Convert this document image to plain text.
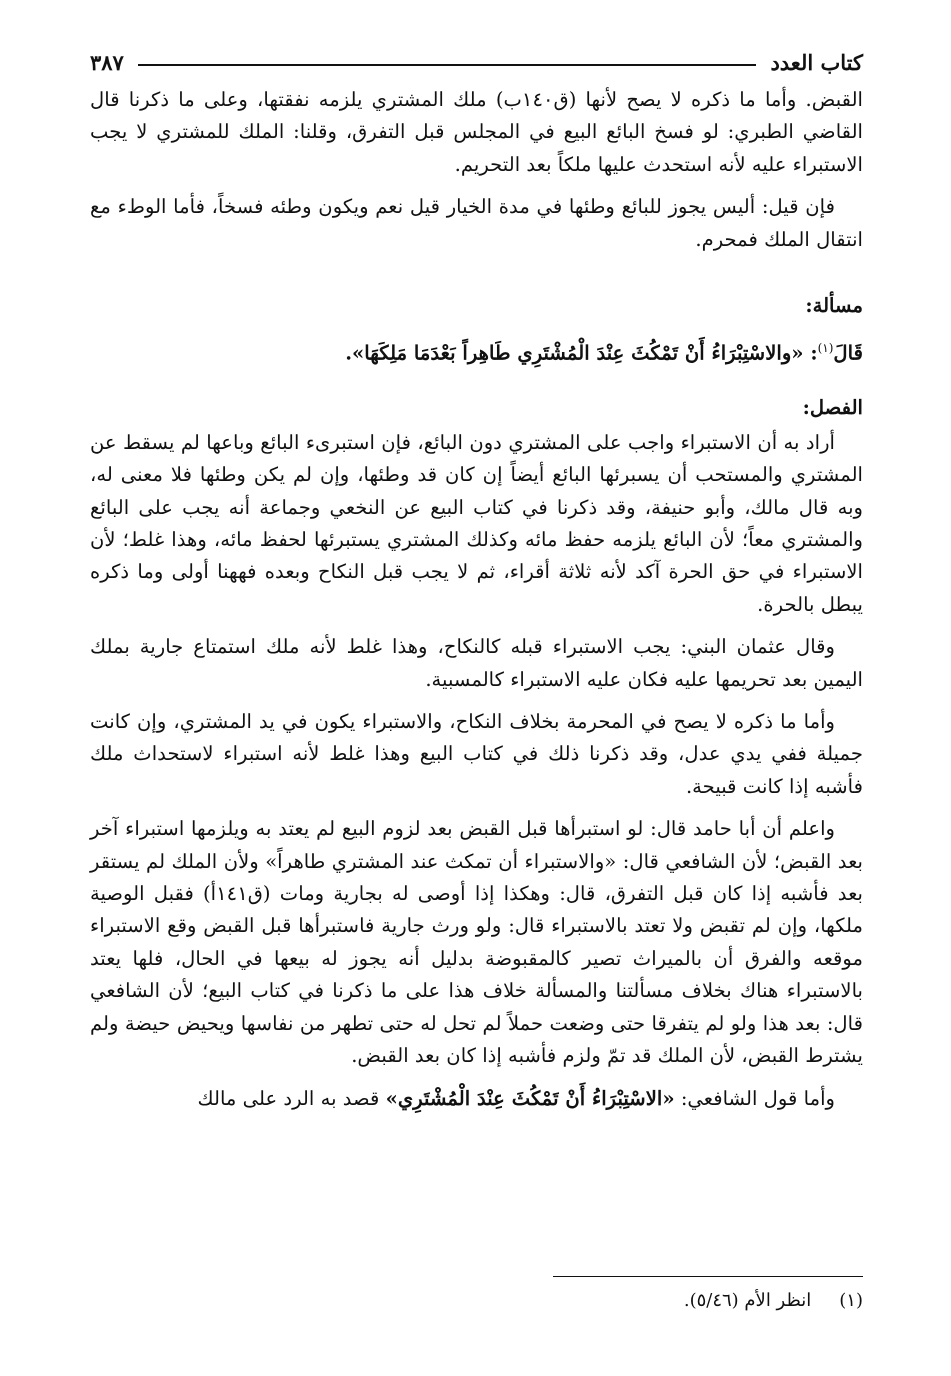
كتاب العدد
٣٨٧

القبض. وأما ما ذكره لا يصح لأنها (ق١٤٠ب) ملك المشتري يلزمه نفقتها، وعلى ما ذكرنا قال القاضي الطبري: لو فسخ البائع البيع في المجلس قبل التفرق، وقلنا: الملك للمشتري لا يجب الاستبراء عليه لأنه استحدث عليها ملكاً بعد التحريم.

فإن قيل: أليس يجوز للبائع وطئها في مدة الخيار قيل نعم ويكون وطئه فسخاً، فأما الوطء مع انتقال الملك فمحرم.

مسألة:

قَالَ$^{(١)}$: «والاسْتِبْرَاءُ أَنْ تَمْكُثَ عِنْدَ الْمُشْتَرِي طَاهِراً بَعْدَمَا مَلِكَهَا».

الفصل:

أراد به أن الاستبراء واجب على المشتري دون البائع، فإن استبرىء البائع وباعها لم يسقط عن المشتري والمستحب أن يسبرئها البائع أيضاً إن كان قد وطئها، وإن لم يكن وطئها فلا معنى له، وبه قال مالك، وأبو حنيفة، وقد ذكرنا في كتاب البيع عن النخعي وجماعة أنه يجب على البائع والمشتري معاً؛ لأن البائع يلزمه حفظ مائه وكذلك المشتري يستبرئها لحفظ مائه، وهذا غلط؛ لأن الاستبراء في حق الحرة آكد لأنه ثلاثة أقراء، ثم لا يجب قبل النكاح وبعده فههنا أولى وما ذكره يبطل بالحرة.

وقال عثمان البني: يجب الاستبراء قبله كالنكاح، وهذا غلط لأنه ملك استمتاع جارية بملك اليمين بعد تحريمها عليه فكان عليه الاستبراء كالمسبية.

وأما ما ذكره لا يصح في المحرمة بخلاف النكاح، والاستبراء يكون في يد المشتري، وإن كانت جميلة ففي يدي عدل، وقد ذكرنا ذلك في كتاب البيع وهذا غلط لأنه استبراء لاستحداث ملك فأشبه إذا كانت قبيحة.

واعلم أن أبا حامد قال: لو استبرأها قبل القبض بعد لزوم البيع لم يعتد به ويلزمها استبراء آخر بعد القبض؛ لأن الشافعي قال: «والاستبراء أن تمكث عند المشتري طاهراً» ولأن الملك لم يستقر بعد فأشبه إذا كان قبل التفرق، قال: وهكذا إذا أوصى له بجارية ومات (ق١٤١أ) فقبل الوصية ملكها، وإن لم تقبض ولا تعتد بالاستبراء قال: ولو ورث جارية فاستبرأها قبل القبض وقع الاستبراء موقعه والفرق أن بالميراث تصير كالمقبوضة بدليل أنه يجوز له بيعها في الحال، فلها يعتد بالاستبراء هناك بخلاف مسألتنا والمسألة خلاف هذا على ما ذكرنا في كتاب البيع؛ لأن الشافعي قال: بعد هذا ولو لم يتفرقا حتى وضعت حملاً لم تحل له حتى تطهر من نفاسها ويحيض حيضة ولم يشترط القبض، لأن الملك قد تمّ ولزم فأشبه إذا كان بعد القبض.

وأما قول الشافعي: «الاسْتِبْرَاءُ أَنْ تَمْكُثَ عِنْدَ الْمُشْتَرِي» قصد به الرد على مالك

(١)
انظر الأم (٥/٤٦).
